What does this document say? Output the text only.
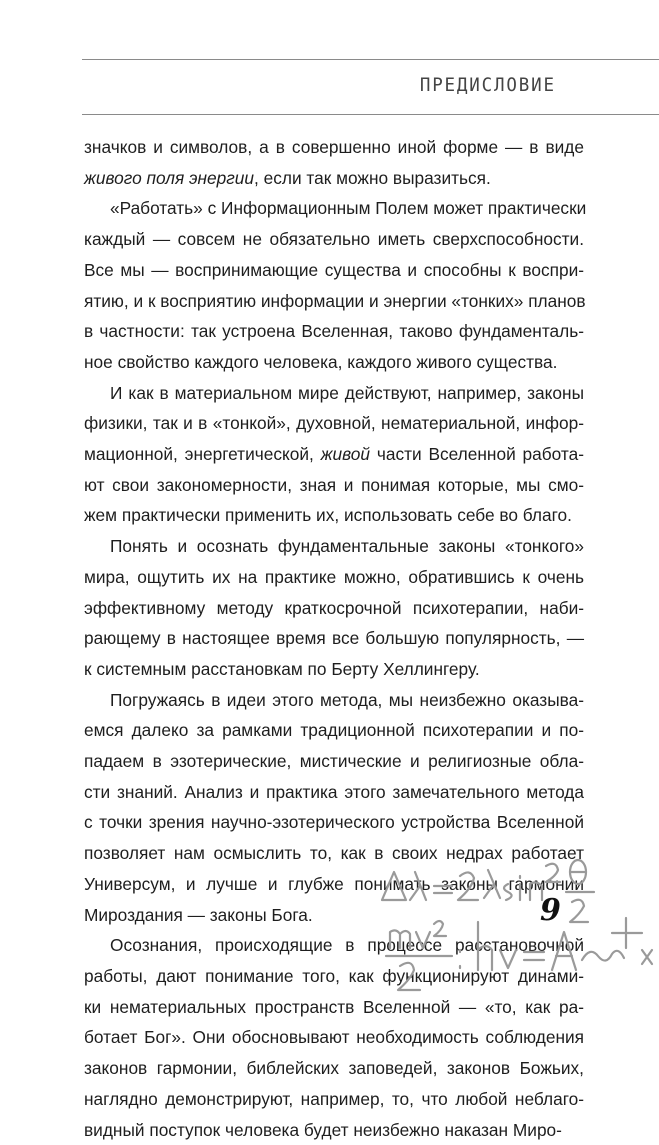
ПРЕДИСЛОВИЕ

значков и символов, а в совершенно иной форме — в виде
живого поля энергии, если так можно выразиться.

«Работать» с Информационным Полем может практически
каждый — совсем не обязательно иметь сверхспособности.
Все мы — воспринимающие существа и способны к воспри-
ятию, и к восприятию информации и энергии «тонких» планов
в частности: так устроена Вселенная, таково фундаменталь-
ное свойство каждого человека, каждого живого существа.

И как в материальном мире действуют, например, законы
физики, так и в «тонкой», духовной, нематериальной, инфор-
мационной, энергетической, живой части Вселенной работа-
ют свои закономерности, зная и понимая которые, мы смо-
жем практически применить их, использовать себе во благо.

Понять и осознать фундаментальные законы «тонкого»
мира, ощутить их на практике можно, обратившись к очень
эффективному методу краткосрочной психотерапии, наби-
рающему в настоящее время все большую популярность, —
к системным расстановкам по Берту Хеллингеру.

Погружаясь в идеи этого метода, мы неизбежно оказыва-
емся далеко за рамками традиционной психотерапии и по-
падаем в эзотерические, мистические и религиозные обла-
сти знаний. Анализ и практика этого замечательного метода
с точки зрения научно-эзотерического устройства Вселенной
позволяет нам осмыслить то, как в своих недрах работает
Универсум, и лучше и глубже понимать законы гармонии
Мироздания — законы Бога.

Осознания, происходящие в процессе расстановочной
работы, дают понимание того, как функционируют динами-
ки нематериальных пространств Вселенной — «то, как ра-
ботает Бог». Они обосновывают необходимость соблюдения
законов гармонии, библейских заповедей, законов Божьих,
наглядно демонстрируют, например, то, что любой неблаго-
видный поступок человека будет неизбежно наказан Миро-

9
